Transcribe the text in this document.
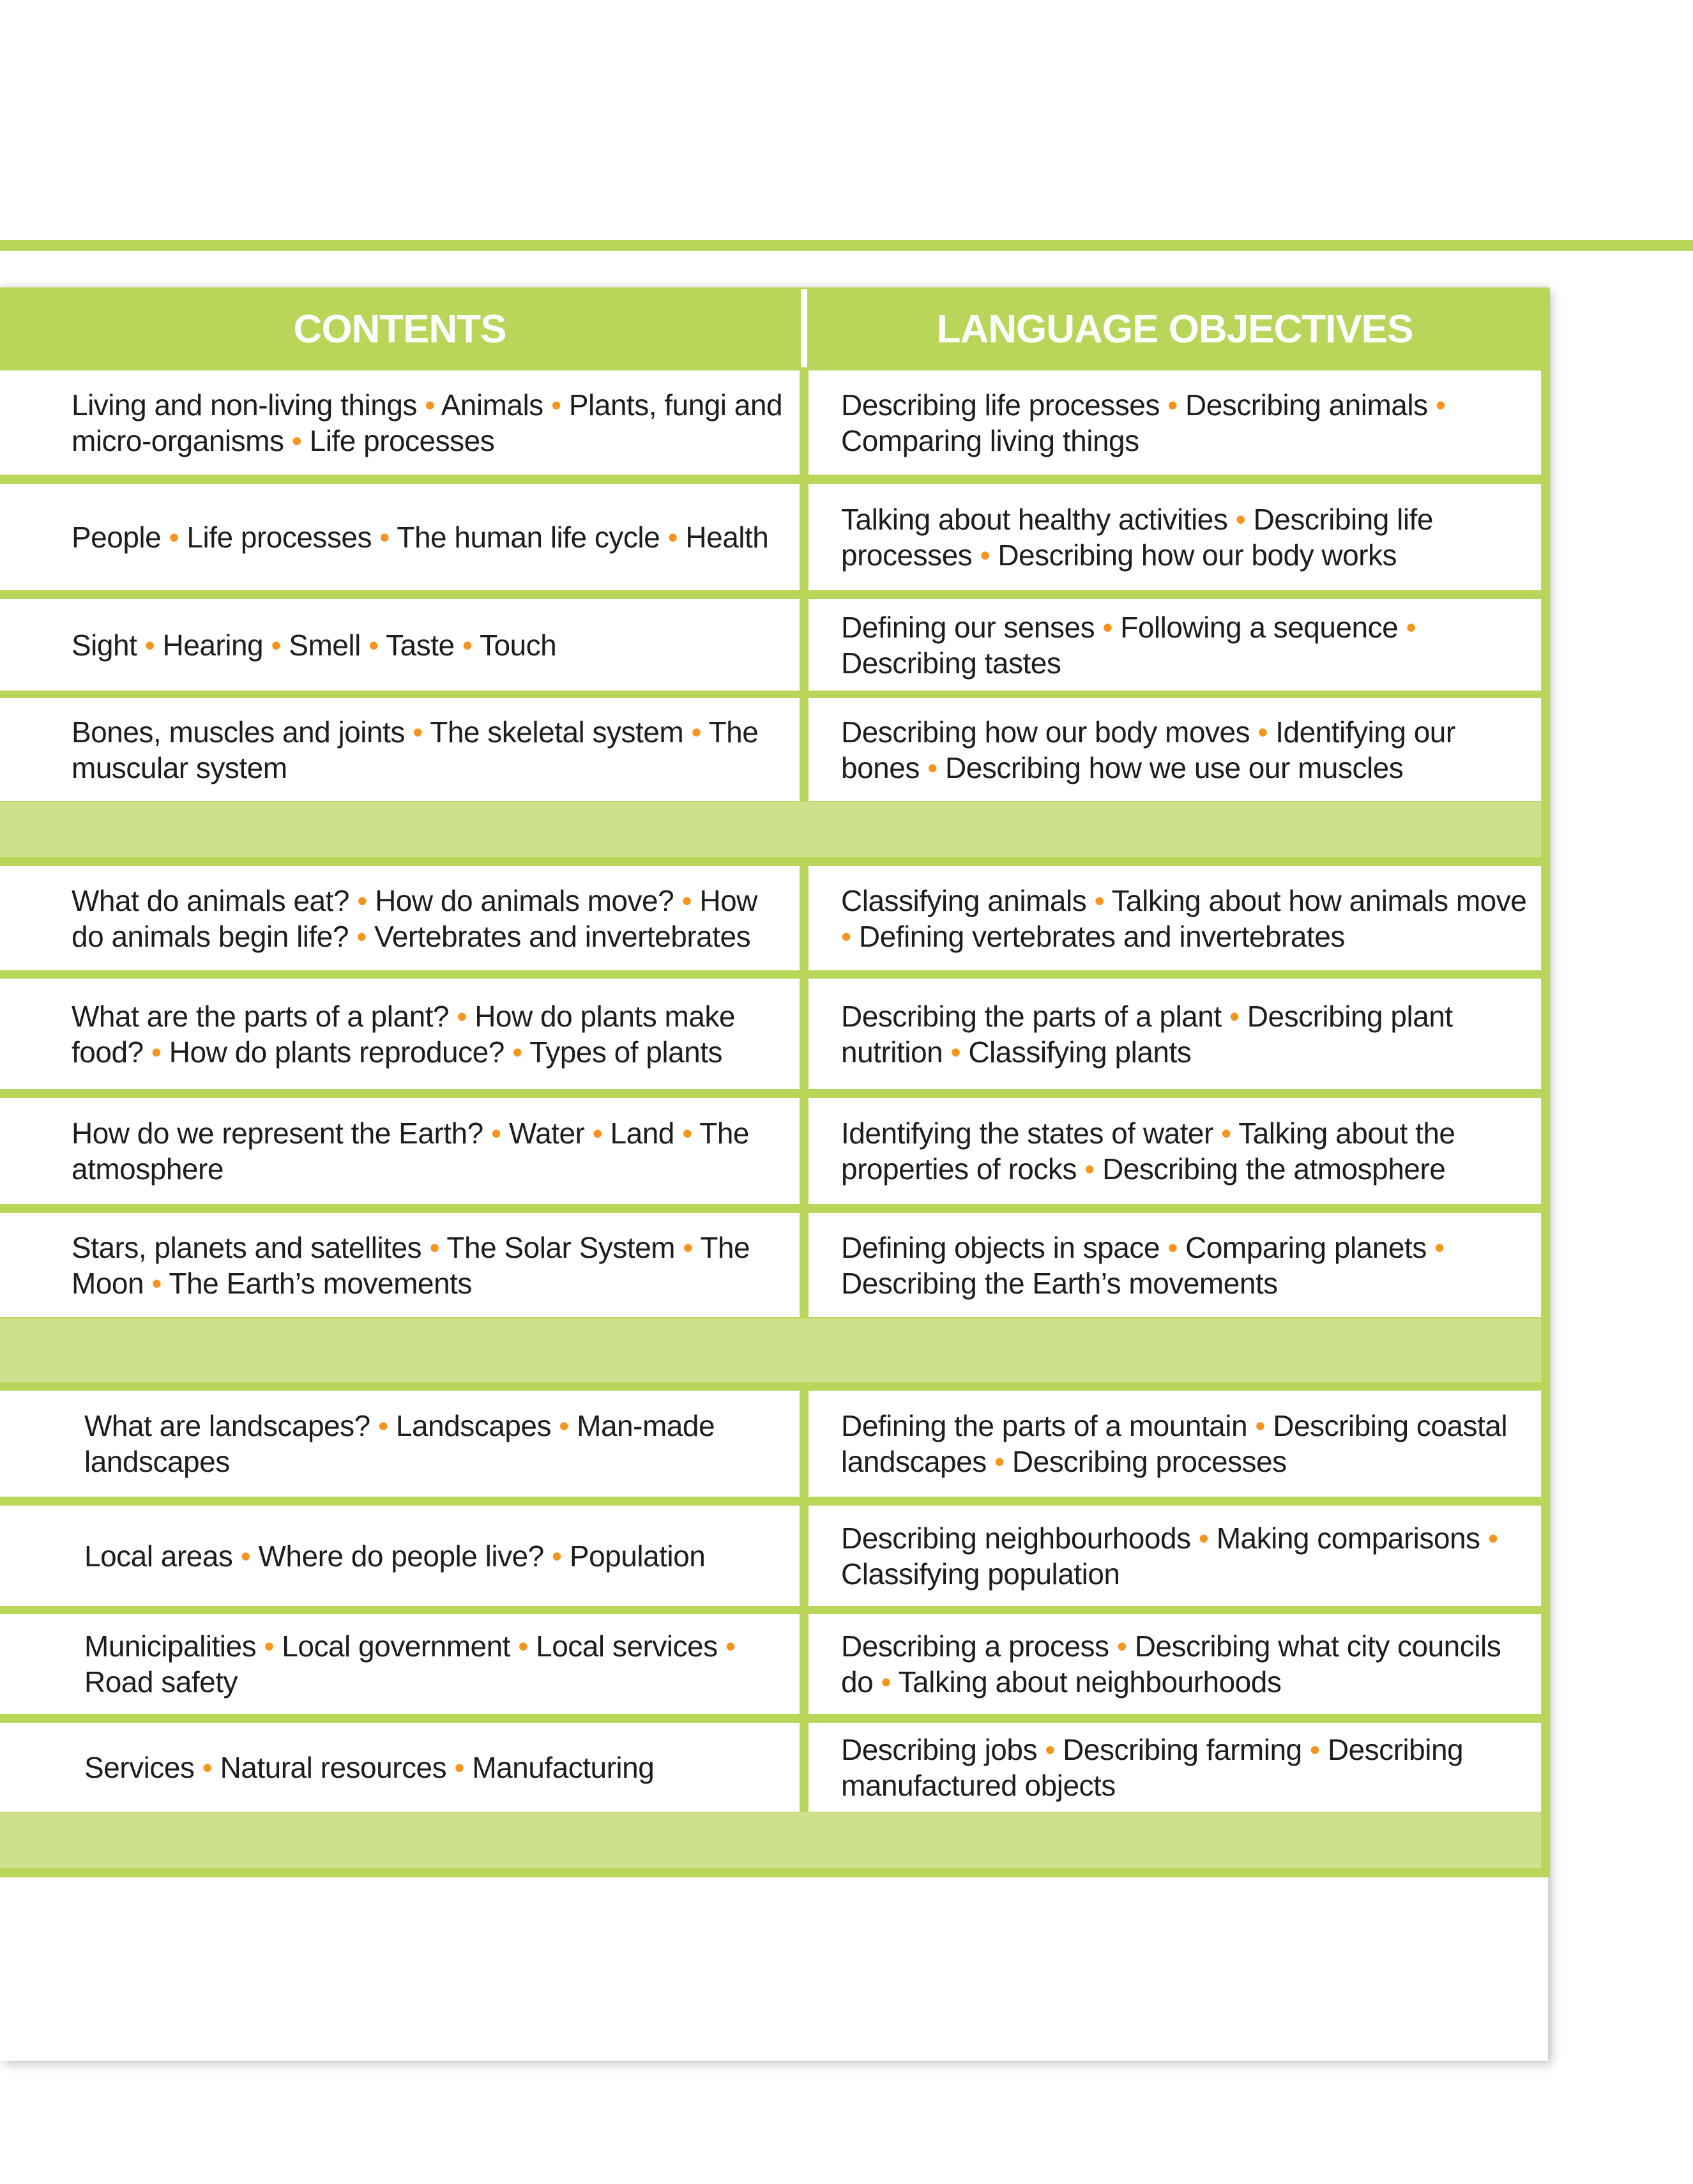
CONTENTS	LANGUAGE OBJECTIVES
Living and non-living things • Animals • Plants, fungi and micro-organisms • Life processes
Describing life processes • Describing animals • Comparing living things
People • Life processes • The human life cycle • Health
Talking about healthy activities • Describing life processes • Describing how our body works
Sight • Hearing • Smell • Taste • Touch
Defining our senses • Following a sequence • Describing tastes
Bones, muscles and joints • The skeletal system • The muscular system
Describing how our body moves • Identifying our bones • Describing how we use our muscles
What do animals eat? • How do animals move? • How do animals begin life? • Vertebrates and invertebrates
Classifying animals • Talking about how animals move • Defining vertebrates and invertebrates
What are the parts of a plant? • How do plants make food? • How do plants reproduce? • Types of plants
Describing the parts of a plant • Describing plant nutrition • Classifying plants
How do we represent the Earth? • Water • Land • The atmosphere
Identifying the states of water • Talking about the properties of rocks • Describing the atmosphere
Stars, planets and satellites • The Solar System • The Moon • The Earth’s movements
Defining objects in space • Comparing planets • Describing the Earth’s movements
What are landscapes? • Landscapes • Man-made landscapes
Defining the parts of a mountain • Describing coastal landscapes • Describing processes
Local areas • Where do people live? • Population
Describing neighbourhoods • Making comparisons • Classifying population
Municipalities • Local government • Local services • Road safety
Describing a process • Describing what city councils do • Talking about neighbourhoods
Services • Natural resources • Manufacturing
Describing jobs • Describing farming • Describing manufactured objects
